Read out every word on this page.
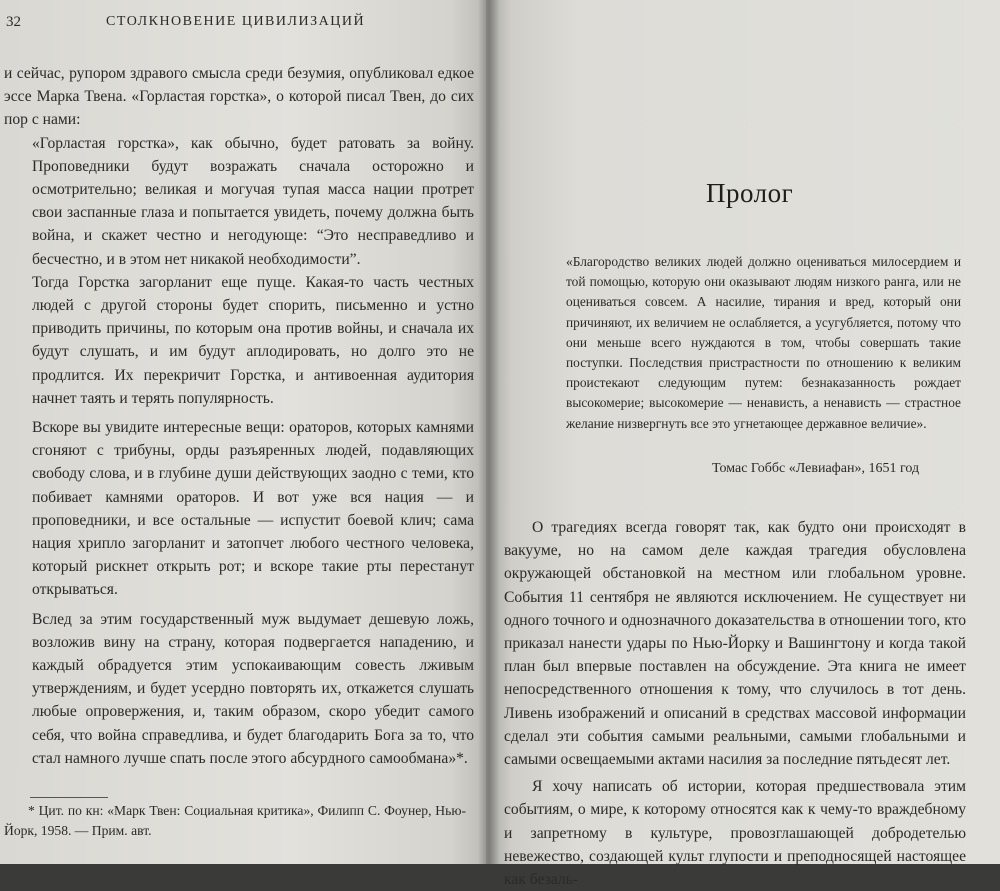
32	СТОЛКНОВЕНИЕ ЦИВИЛИЗАЦИЙ

и сейчас, рупором здравого смысла среди безумия, опубликовал едкое эссе Марка Твена. «Горластая горстка», о которой писал Твен, до сих пор с нами:

«Горластая горстка», как обычно, будет ратовать за войну. Проповедники будут возражать сначала осторожно и осмотрительно; великая и могучая тупая масса нации протрет свои заспанные глаза и попытается увидеть, почему должна быть война, и скажет честно и негодующе: “Это несправедливо и бесчестно, и в этом нет никакой необходимости”.

Тогда Горстка загорланит еще пуще. Какая-то часть честных людей с другой стороны будет спорить, письменно и устно приводить причины, по которым она против войны, и сначала их будут слушать, и им будут аплодировать, но долго это не продлится. Их перекричит Горстка, и антивоенная аудитория начнет таять и терять популярность.

Вскоре вы увидите интересные вещи: ораторов, которых камнями сгоняют с трибуны, орды разъяренных людей, подавляющих свободу слова, и в глубине души действующих заодно с теми, кто побивает камнями ораторов. И вот уже вся нация — и проповедники, и все остальные — испустит боевой клич; сама нация хрипло загорланит и затопчет любого честного человека, который рискнет открыть рот; и вскоре такие рты перестанут открываться.

Вслед за этим государственный муж выдумает дешевую ложь, возложив вину на страну, которая подвергается нападению, и каждый обрадуется этим успокаивающим совесть лживым утверждениям, и будет усердно повторять их, откажется слушать любые опровержения, и, таким образом, скоро убедит самого себя, что война справедлива, и будет благодарить Бога за то, что стал намного лучше спать после этого абсурдного самообмана»*.

* Цит. по кн: «Марк Твен: Социальная критика», Филипп С. Фоунер, Нью-Йорк, 1958. — Прим. авт.
Пролог
«Благородство великих людей должно оцениваться милосердием и той помощью, которую они оказывают людям низкого ранга, или не оцениваться совсем. А насилие, тирания и вред, который они причиняют, их величием не ослабляется, а усугубляется, потому что они меньше всего нуждаются в том, чтобы совершать такие поступки. Последствия пристрастности по отношению к великим проистекают следующим путем: безнаказанность рождает высокомерие; высокомерие — ненависть, а ненависть — страстное желание низвергнуть все это угнетающее державное величие».
Томас Гоббс «Левиафан», 1651 год

О трагедиях всегда говорят так, как будто они происходят в вакууме, но на самом деле каждая трагедия обусловлена окружающей обстановкой на местном или глобальном уровне. События 11 сентября не являются исключением. Не существует ни одного точного и однозначного доказательства в отношении того, кто приказал нанести удары по Нью-Йорку и Вашингтону и когда такой план был впервые поставлен на обсуждение. Эта книга не имеет непосредственного отношения к тому, что случилось в тот день. Ливень изображений и описаний в средствах массовой информации сделал эти события самыми реальными, самыми глобальными и самыми освещаемыми актами насилия за последние пятьдесят лет.

Я хочу написать об истории, которая предшествовала этим событиям, о мире, к которому относятся как к чему-то враждебному и запретному в культуре, провозглашающей добродетелью невежество, создающей культ глупости и преподносящей настоящее как безаль-
